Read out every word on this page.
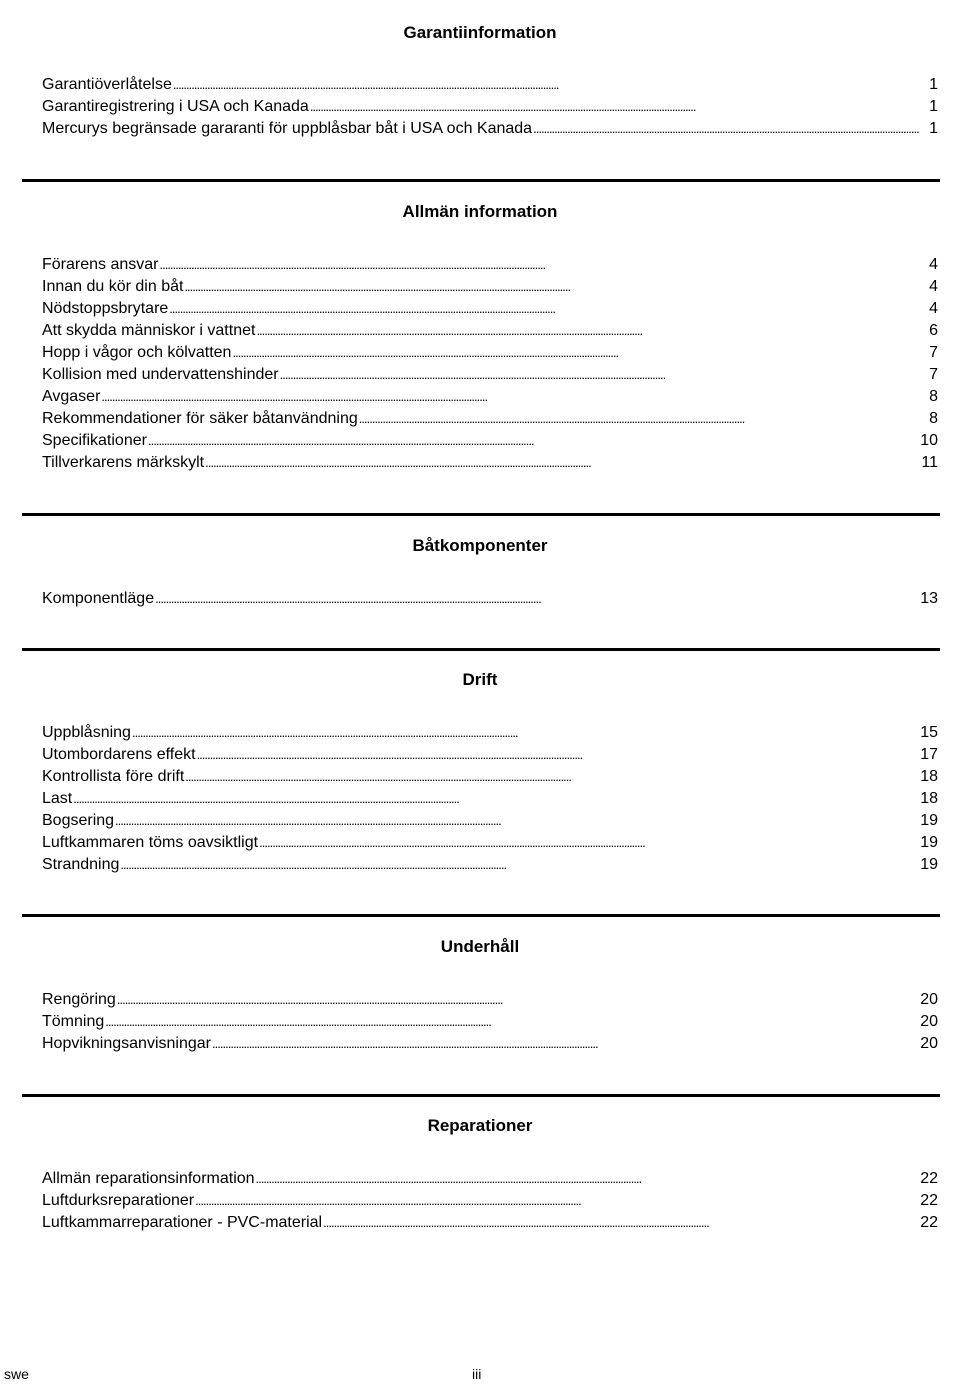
Garantiinformation
Garantiöverlåtelse . . .	1
Garantiregistrering i USA och Kanada . . .	1
Mercurys begränsade gararanti för uppblåsbar båt i USA och Kanada . . .	1
Allmän information
Förarens ansvar . . .	4
Innan du kör din båt . . .	4
Nödstoppsbrytare . . .	4
Att skydda människor i vattnet . . .	6
Hopp i vågor och kölvatten . . .	7
Kollision med undervattenshinder . . .	7
Avgaser . . .	8
Rekommendationer för säker båtanvändning . . .	8
Specifikationer . . .	10
Tillverkarens märkskylt . . .	11
Båtkomponenter
Komponentläge . . .	13
Drift
Uppblåsning . . .	15
Utombordarens effekt . . .	17
Kontrollista före drift . . .	18
Last . . .	18
Bogsering . . .	19
Luftkammaren töms oavsiktligt . . .	19
Strandning . . .	19
Underhåll
Rengöring . . .	20
Tömning . . .	20
Hopvikningsanvisningar . . .	20
Reparationer
Allmän reparationsinformation . . .	22
Luftdurksreparationer . . .	22
Luftkammarreparationer - PVC-material . . .	22
swe	iii
